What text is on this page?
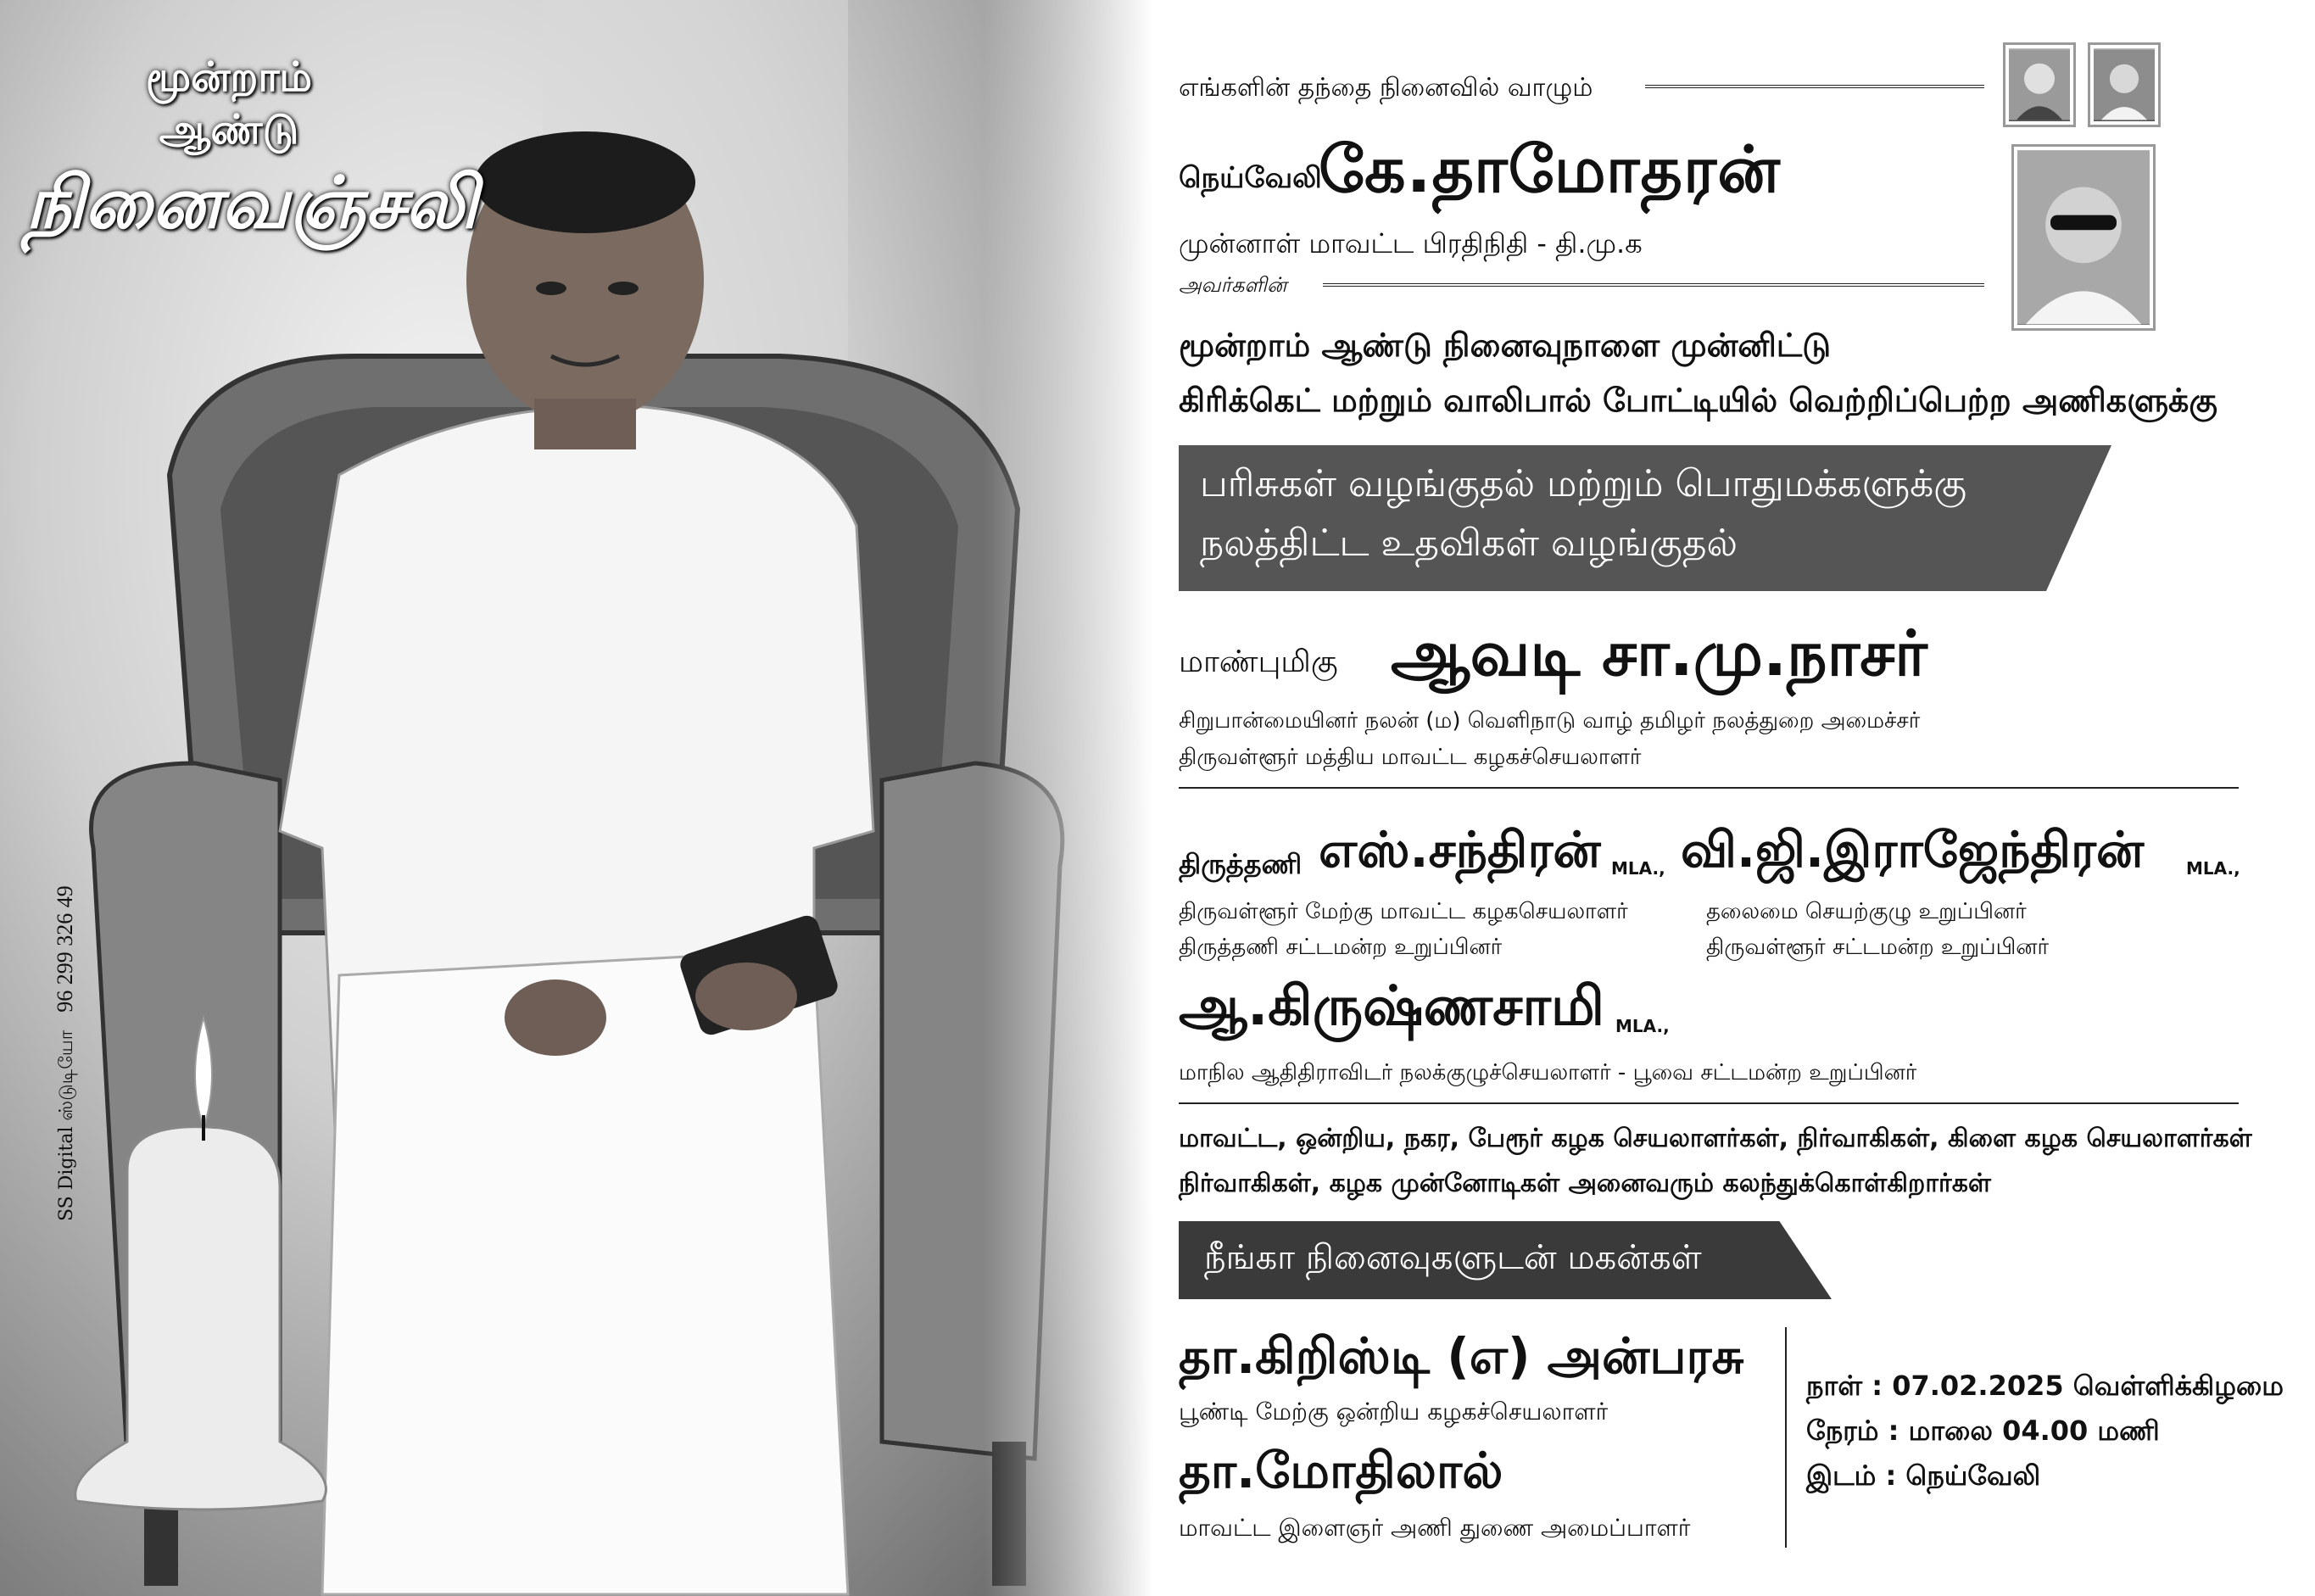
மூன்றாம்
ஆண்டு
நினைவஞ்சலி
SS Digital ஸ்டுடியோ 96 299 326 49
எங்களின் தந்தை நினைவில் வாழும்
நெய்வேலி
கே.தாமோதரன்
முன்னாள் மாவட்ட பிரதிநிதி - தி.மு.க
அவர்களின்
மூன்றாம் ஆண்டு நினைவுநாளை முன்னிட்டு
கிரிக்கெட் மற்றும் வாலிபால் போட்டியில் வெற்றிப்பெற்ற அணிகளுக்கு
பரிசுகள் வழங்குதல் மற்றும் பொதுமக்களுக்கு
நலத்திட்ட உதவிகள் வழங்குதல்
மாண்புமிகு ஆவடி சா.மு.நாசர்
சிறுபான்மையினர் நலன் (ம) வெளிநாடு வாழ் தமிழர் நலத்துறை அமைச்சர்
திருவள்ளூர் மத்திய மாவட்ட கழகச்செயலாளர்
திருத்தணி எஸ்.சந்திரன் MLA.,
திருவள்ளூர் மேற்கு மாவட்ட கழகசெயலாளர்
திருத்தணி சட்டமன்ற உறுப்பினர்
வி.ஜி.இராஜேந்திரன் MLA.,
தலைமை செயற்குழு உறுப்பினர்
திருவள்ளூர் சட்டமன்ற உறுப்பினர்
ஆ.கிருஷ்ணசாமி MLA.,
மாநில ஆதிதிராவிடர் நலக்குழுச்செயலாளர் - பூவை சட்டமன்ற உறுப்பினர்
மாவட்ட, ஒன்றிய, நகர, பேரூர் கழக செயலாளர்கள், நிர்வாகிகள், கிளை கழக செயலாளர்கள்
நிர்வாகிகள், கழக முன்னோடிகள் அனைவரும் கலந்துக்கொள்கிறார்கள்
நீங்கா நினைவுகளுடன் மகன்கள்
தா.கிறிஸ்டி (எ) அன்பரசு
பூண்டி மேற்கு ஒன்றிய கழகச்செயலாளர்
தா.மோதிலால்
மாவட்ட இளைஞர் அணி துணை அமைப்பாளர்
நாள் : 07.02.2025 வெள்ளிக்கிழமை
நேரம் : மாலை 04.00 மணி
இடம் : நெய்வேலி
